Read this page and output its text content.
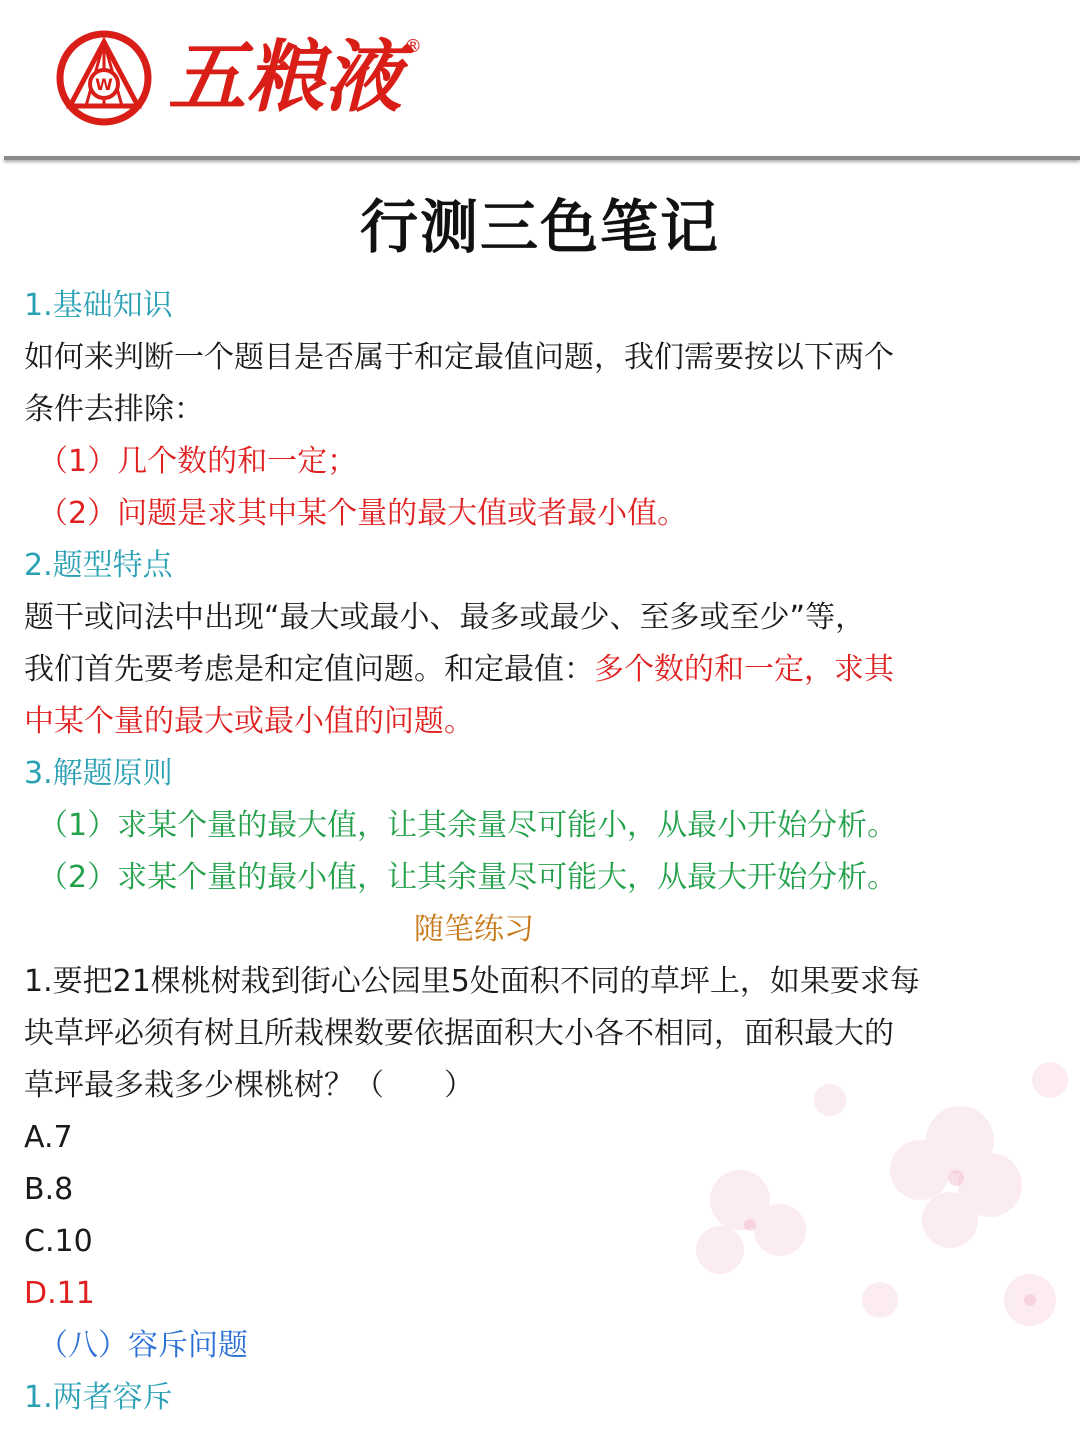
W 五粮液 ®
行测三色笔记
1.基础知识
如何来判断一个题目是否属于和定最值问题，我们需要按以下两个
条件去排除：
（1）几个数的和一定；
（2）问题是求其中某个量的最大值或者最小值。
2.题型特点
题干或问法中出现“最大或最小、最多或最少、至多或至少”等，
我们首先要考虑是和定值问题。和定最值：多个数的和一定，求其
中某个量的最大或最小值的问题。
3.解题原则
（1）求某个量的最大值，让其余量尽可能小，从最小开始分析。
（2）求某个量的最小值，让其余量尽可能大，从最大开始分析。
随笔练习
1.要把21棵桃树栽到街心公园里5处面积不同的草坪上，如果要求每
块草坪必须有树且所栽棵数要依据面积大小各不相同，面积最大的
草坪最多栽多少棵桃树？（　　）
A.7
B.8
C.10
D.11
（八）容斥问题
1.两者容斥
